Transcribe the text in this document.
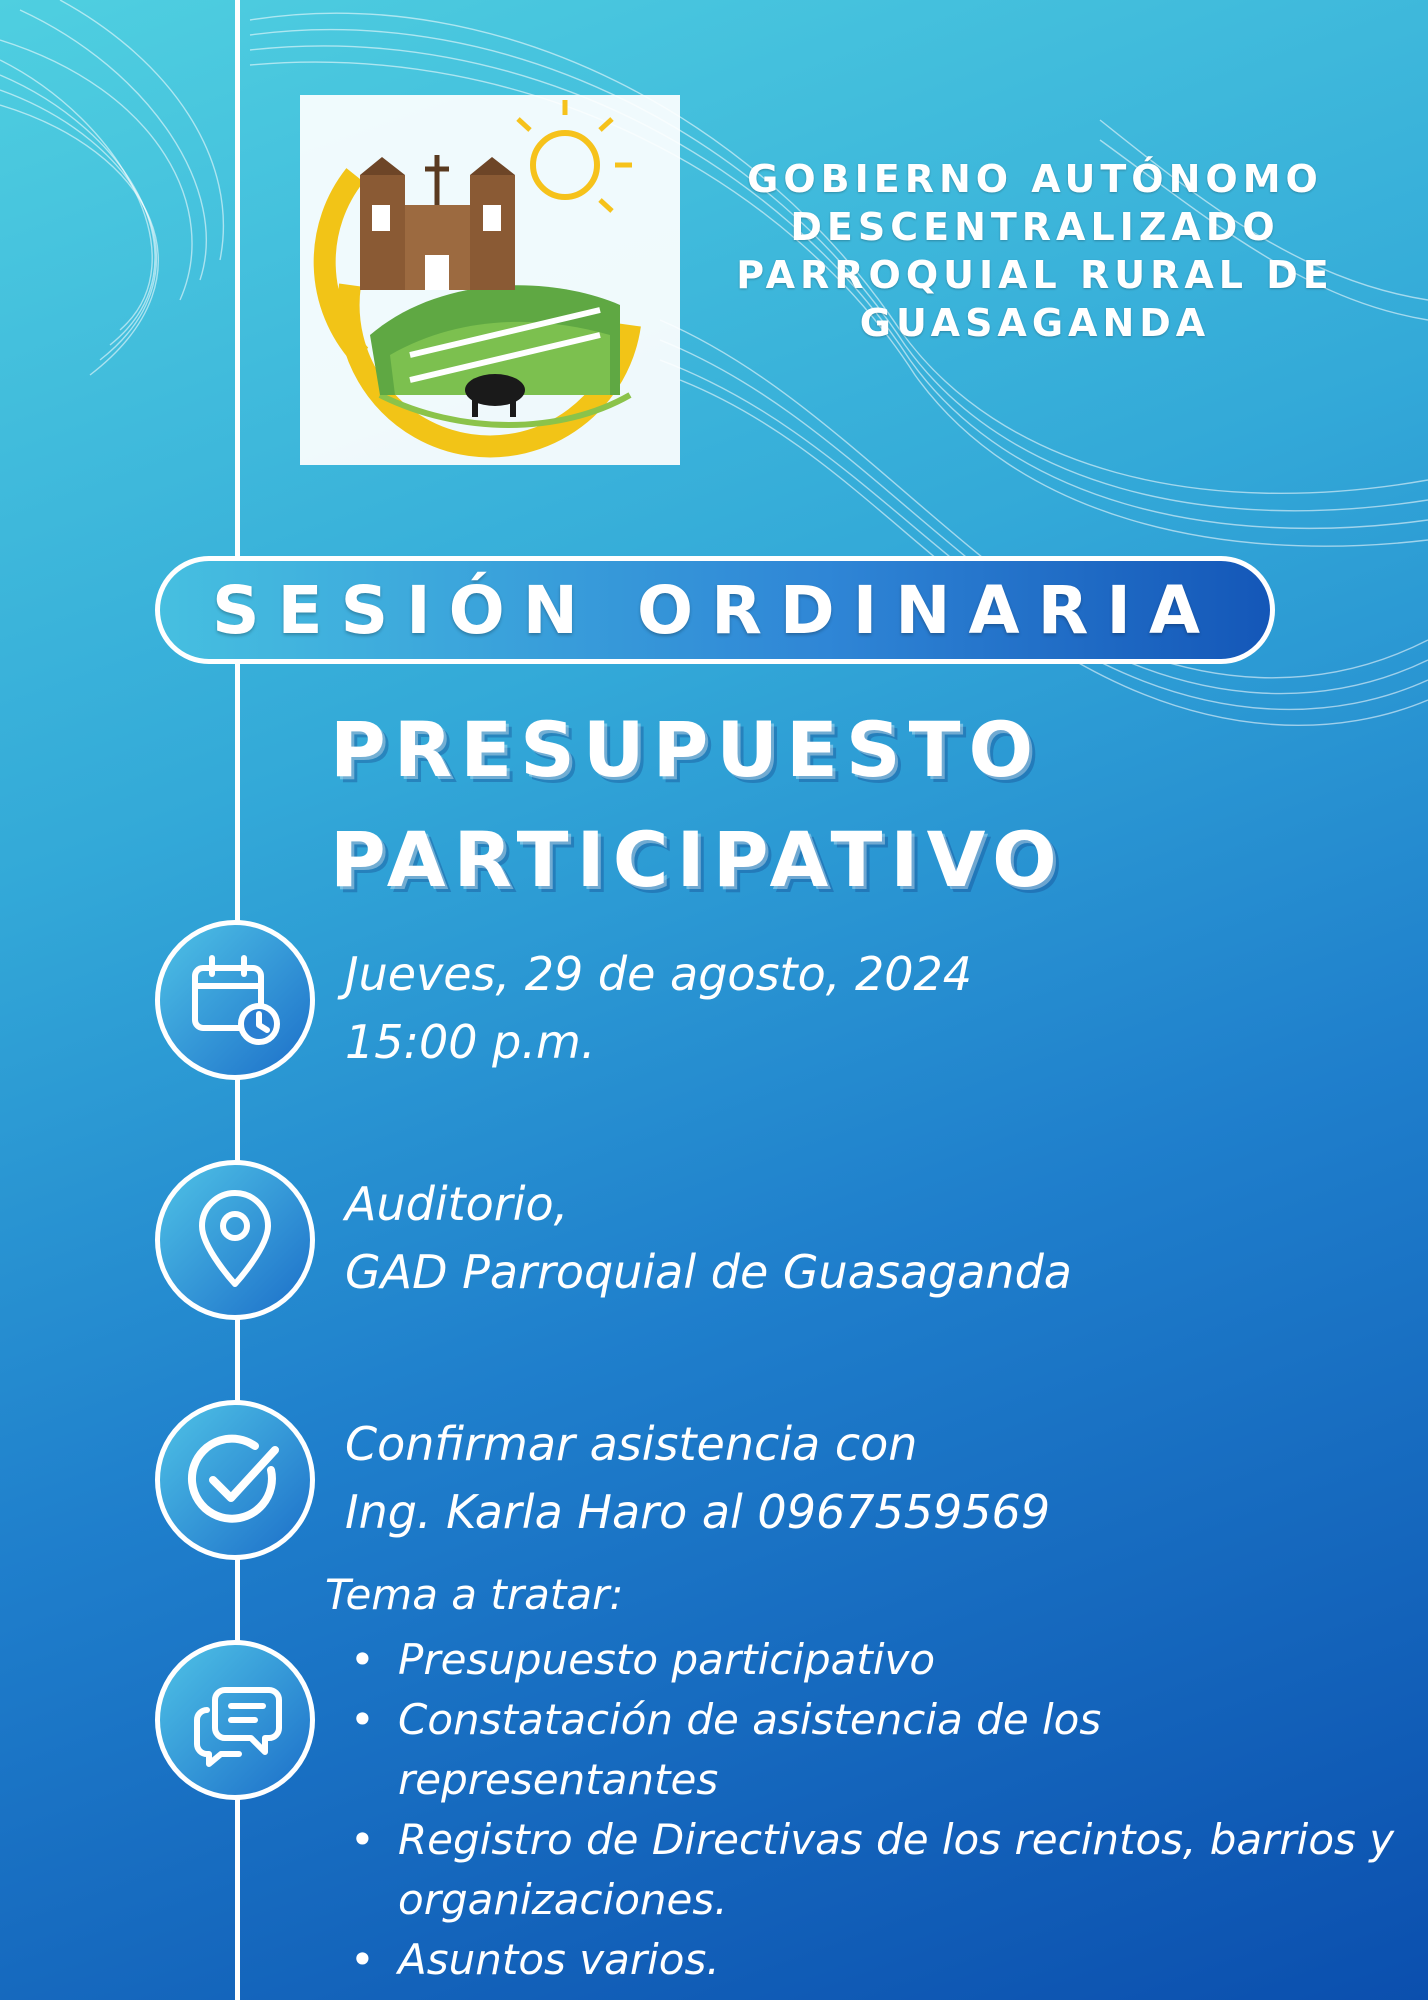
GOBIERNO AUTÓNOMO
DESCENTRALIZADO
PARROQUIAL RURAL DE
GUASAGANDA
SESIÓN ORDINARIA
PRESUPUESTO
PARTICIPATIVO
Jueves, 29 de agosto, 2024
15:00 p.m.
Auditorio,
GAD Parroquial de Guasaganda
Confirmar asistencia con
Ing. Karla Haro al 0967559569
Tema a tratar:
• Presupuesto participativo
• Constatación de asistencia de los representantes
• Registro de Directivas de los recintos, barrios y organizaciones.
• Asuntos varios.
